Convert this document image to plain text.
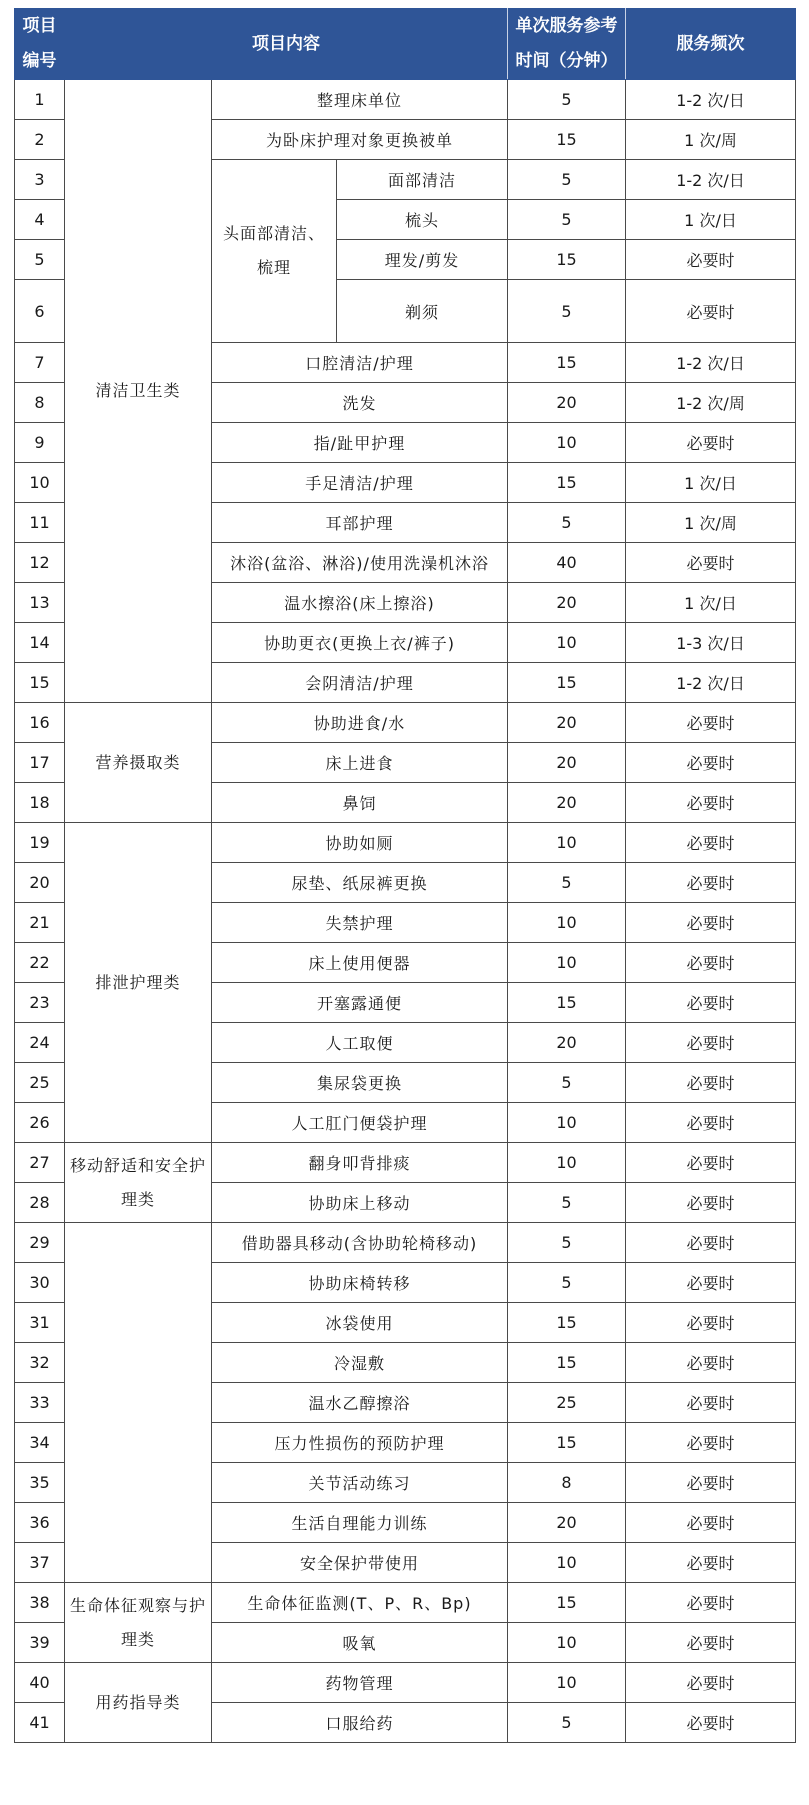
项目编号	项目内容			单次服务参考时间（分钟）	服务频次
1	清洁卫生类	整理床单位		5	1-2 次/日
2		为卧床护理对象更换被单		15	1 次/周
3		头面部清洁、梳理	面部清洁	5	1-2 次/日
4			梳头	5	1 次/日
5			理发/剪发	15	必要时
6			剃须	5	必要时
7		口腔清洁/护理		15	1-2 次/日
8		洗发		20	1-2 次/周
9		指/趾甲护理		10	必要时
10		手足清洁/护理		15	1 次/日
11		耳部护理		5	1 次/周
12		沐浴(盆浴、淋浴)/使用洗澡机沐浴		40	必要时
13		温水擦浴(床上擦浴)		20	1 次/日
14		协助更衣(更换上衣/裤子)		10	1-3 次/日
15		会阴清洁/护理		15	1-2 次/日
16	营养摄取类	协助进食/水		20	必要时
17		床上进食		20	必要时
18		鼻饲		20	必要时
19	排泄护理类	协助如厕		10	必要时
20		尿垫、纸尿裤更换		5	必要时
21		失禁护理		10	必要时
22		床上使用便器		10	必要时
23		开塞露通便		15	必要时
24		人工取便		20	必要时
25		集尿袋更换		5	必要时
26		人工肛门便袋护理		10	必要时
27	移动舒适和安全护理类	翻身叩背排痰		10	必要时
28		协助床上移动		5	必要时
29		借助器具移动(含协助轮椅移动)		5	必要时
30		协助床椅转移		5	必要时
31		冰袋使用		15	必要时
32		冷湿敷		15	必要时
33		温水乙醇擦浴		25	必要时
34		压力性损伤的预防护理		15	必要时
35		关节活动练习		8	必要时
36		生活自理能力训练		20	必要时
37		安全保护带使用		10	必要时
38	生命体征观察与护理类	生命体征监测(T、P、R、Bp)		15	必要时
39		吸氧		10	必要时
40	用药指导类	药物管理		10	必要时
41		口服给药		5	必要时
